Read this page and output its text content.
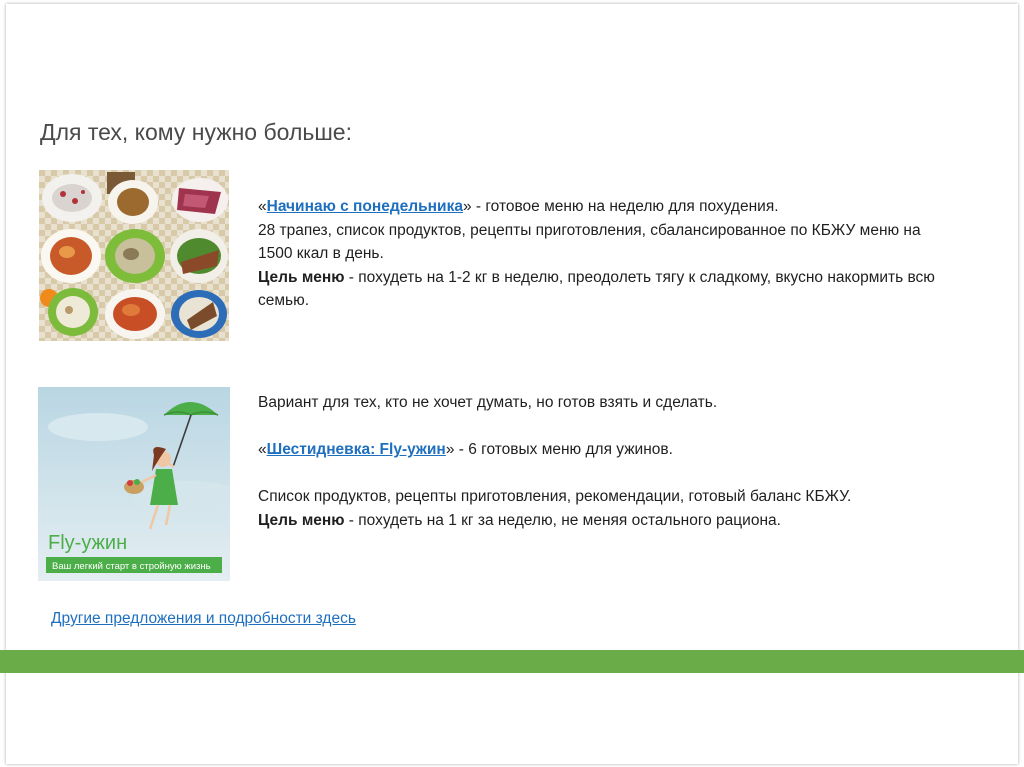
Для тех, кому нужно больше:

«Начинаю с понедельника» - готовое меню на неделю для похудения.

28 трапез, список продуктов, рецепты приготовления, сбалансированное по КБЖУ меню на 1500 ккал в день.

Цель меню - похудеть на 1-2 кг в неделю, преодолеть тягу к сладкому, вкусно накормить всю семью.

Fly-ужин
Ваш легкий старт в стройную жизнь

Вариант для тех, кто не хочет думать, но готов взять и сделать.

«Шестидневка: Fly-ужин» - 6 готовых меню для ужинов.

Список продуктов, рецепты приготовления, рекомендации, готовый баланс КБЖУ.

Цель меню - похудеть на 1 кг за неделю, не меняя остального рациона.

Другие предложения и подробности здесь
